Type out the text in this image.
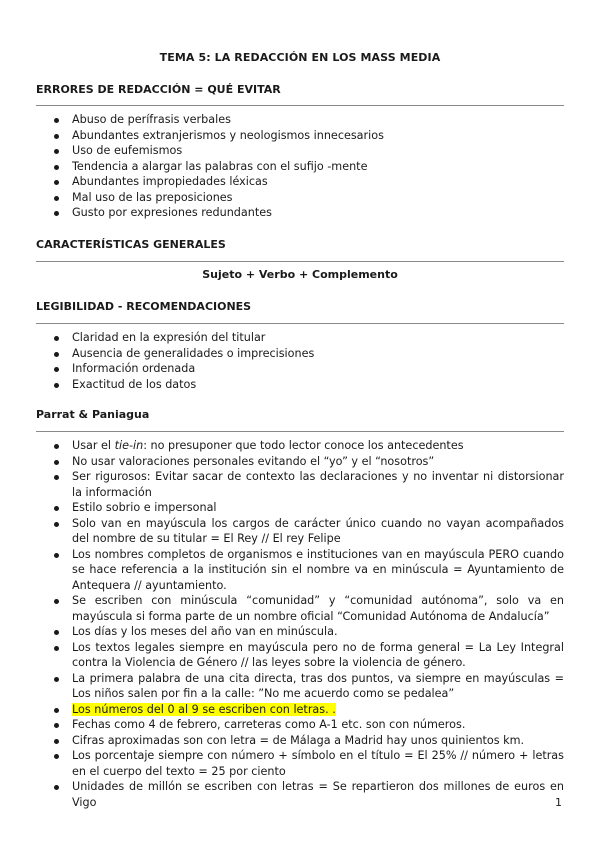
TEMA 5: LA REDACCIÓN EN LOS MASS MEDIA
ERRORES DE REDACCIÓN = QUÉ EVITAR
Abuso de perífrasis verbales
Abundantes extranjerismos y neologismos innecesarios
Uso de eufemismos
Tendencia a alargar las palabras con el sufijo -mente
Abundantes impropiedades léxicas
Mal uso de las preposiciones
Gusto por expresiones redundantes
CARACTERÍSTICAS GENERALES
Sujeto + Verbo + Complemento
LEGIBILIDAD - RECOMENDACIONES
Claridad en la expresión del titular
Ausencia de generalidades o imprecisiones
Información ordenada
Exactitud de los datos
Parrat & Paniagua
Usar el tie-in: no presuponer que todo lector conoce los antecedentes
No usar valoraciones personales evitando el “yo” y el “nosotros”
Ser rigurosos: Evitar sacar de contexto las declaraciones y no inventar ni distorsionar la información
Estilo sobrio e impersonal
Solo van en mayúscula los cargos de carácter único cuando no vayan acompañados del nombre de su titular = El Rey // El rey Felipe
Los nombres completos de organismos e instituciones van en mayúscula PERO cuando se hace referencia a la institución sin el nombre va en minúscula = Ayuntamiento de Antequera // ayuntamiento.
Se escriben con minúscula “comunidad” y “comunidad autónoma”, solo va en mayúscula si forma parte de un nombre oficial “Comunidad Autónoma de Andalucía”
Los días y los meses del año van en minúscula.
Los textos legales siempre en mayúscula pero no de forma general = La Ley Integral contra la Violencia de Género // las leyes sobre la violencia de género.
La primera palabra de una cita directa, tras dos puntos, va siempre en mayúsculas = Los niños salen por fin a la calle: ”No me acuerdo como se pedalea”
Los números del 0 al 9 se escriben con letras. .
Fechas como 4 de febrero, carreteras como A-1 etc. son con números.
Cifras aproximadas son con letra = de Málaga a Madrid hay unos quinientos km.
Los porcentaje siempre con número + símbolo en el título = El 25% // número + letras en el cuerpo del texto = 25 por ciento
Unidades de millón se escriben con letras = Se repartieron dos millones de euros en Vigo	1
